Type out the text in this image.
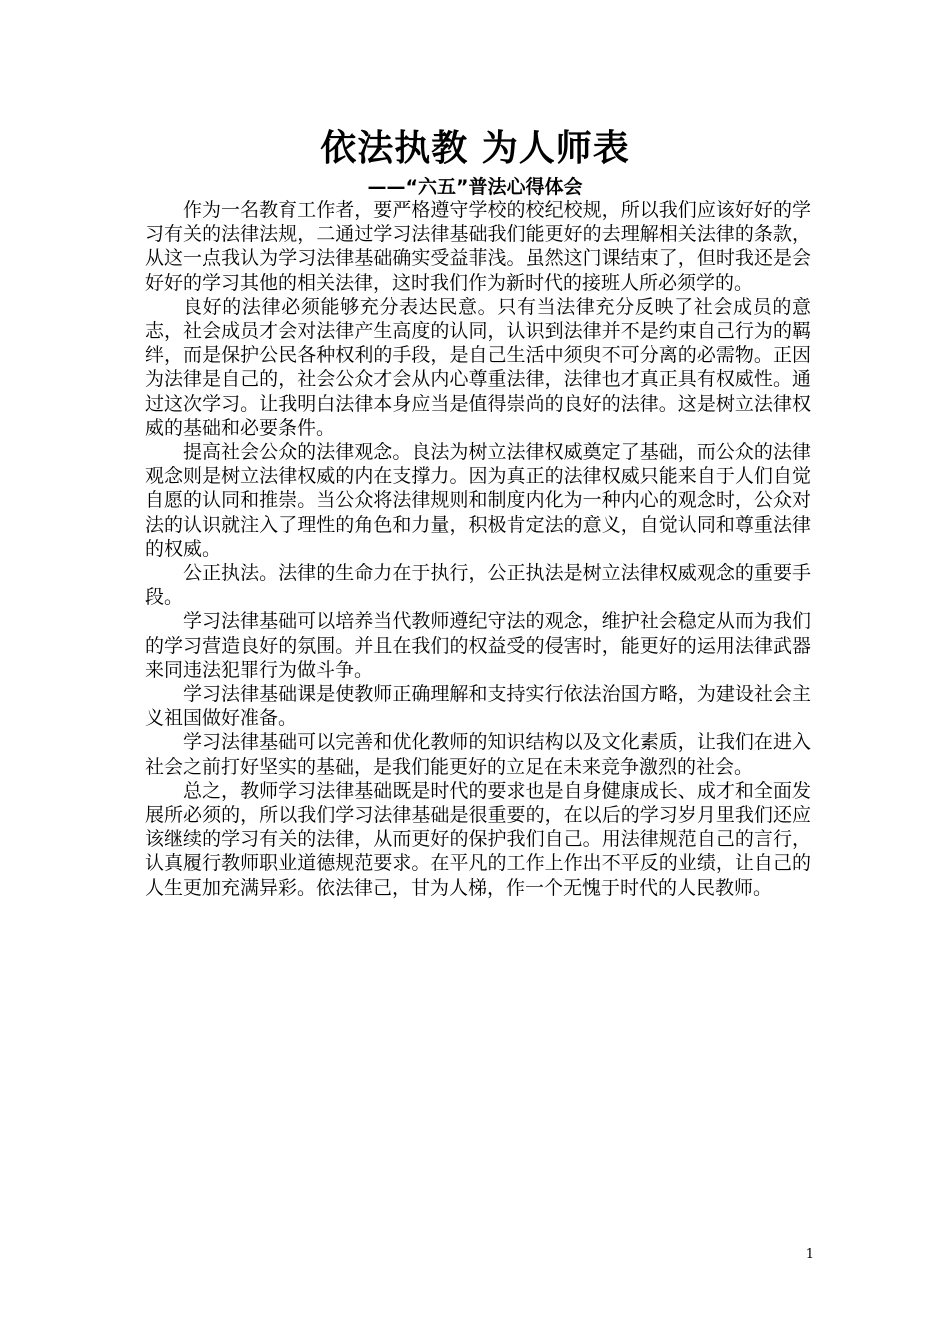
依法执教 为人师表
——“六五”普法心得体会

作为一名教育工作者，要严格遵守学校的校纪校规，所以我们应该好好的学习有关的法律法规，二通过学习法律基础我们能更好的去理解相关法律的条款，从这一点我认为学习法律基础确实受益菲浅。虽然这门课结束了，但时我还是会好好的学习其他的相关法律，这时我们作为新时代的接班人所必须学的。

良好的法律必须能够充分表达民意。只有当法律充分反映了社会成员的意志，社会成员才会对法律产生高度的认同，认识到法律并不是约束自己行为的羁绊，而是保护公民各种权利的手段，是自己生活中须臾不可分离的必需物。正因为法律是自己的，社会公众才会从内心尊重法律，法律也才真正具有权威性。通过这次学习。让我明白法律本身应当是值得崇尚的良好的法律。这是树立法律权威的基础和必要条件。

提高社会公众的法律观念。良法为树立法律权威奠定了基础，而公众的法律观念则是树立法律权威的内在支撑力。因为真正的法律权威只能来自于人们自觉自愿的认同和推崇。当公众将法律规则和制度内化为一种内心的观念时，公众对法的认识就注入了理性的角色和力量，积极肯定法的意义，自觉认同和尊重法律的权威。

公正执法。法律的生命力在于执行，公正执法是树立法律权威观念的重要手段。

学习法律基础可以培养当代教师遵纪守法的观念，维护社会稳定从而为我们的学习营造良好的氛围。并且在我们的权益受的侵害时，能更好的运用法律武器来同违法犯罪行为做斗争。

学习法律基础课是使教师正确理解和支持实行依法治国方略，为建设社会主义祖国做好准备。

学习法律基础可以完善和优化教师的知识结构以及文化素质，让我们在进入社会之前打好坚实的基础，是我们能更好的立足在未来竞争激烈的社会。

总之，教师学习法律基础既是时代的要求也是自身健康成长、成才和全面发展所必须的，所以我们学习法律基础是很重要的，在以后的学习岁月里我们还应该继续的学习有关的法律，从而更好的保护我们自己。用法律规范自己的言行，认真履行教师职业道德规范要求。在平凡的工作上作出不平反的业绩，让自己的人生更加充满异彩。依法律己，甘为人梯，作一个无愧于时代的人民教师。

1
